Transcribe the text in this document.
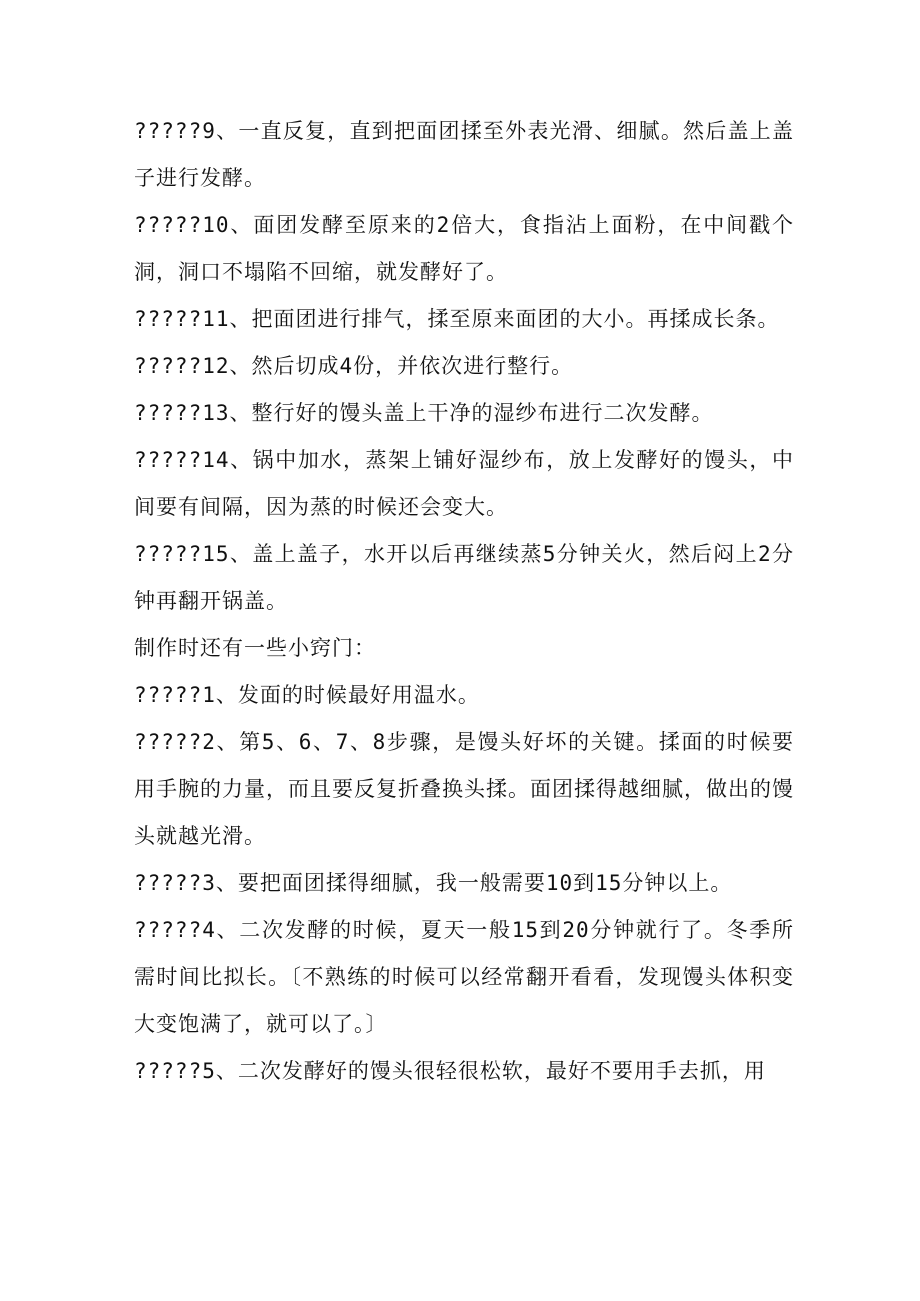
?????9、一直反复，直到把面团揉至外表光滑、细腻。然后盖上盖子进行发酵。

?????10、面团发酵至原来的2倍大，食指沾上面粉，在中间戳个洞，洞口不塌陷不回缩，就发酵好了。

?????11、把面团进行排气，揉至原来面团的大小。再揉成长条。

?????12、然后切成4份，并依次进行整行。

?????13、整行好的馒头盖上干净的湿纱布进行二次发酵。

?????14、锅中加水，蒸架上铺好湿纱布，放上发酵好的馒头，中间要有间隔，因为蒸的时候还会变大。

?????15、盖上盖子，水开以后再继续蒸5分钟关火，然后闷上2分钟再翻开锅盖。

制作时还有一些小窍门：

?????1、发面的时候最好用温水。

?????2、第5、6、7、8步骤，是馒头好坏的关键。揉面的时候要用手腕的力量，而且要反复折叠换头揉。面团揉得越细腻，做出的馒头就越光滑。

?????3、要把面团揉得细腻，我一般需要10到15分钟以上。

?????4、二次发酵的时候，夏天一般15到20分钟就行了。冬季所需时间比拟长。〔不熟练的时候可以经常翻开看看，发现馒头体积变大变饱满了，就可以了。〕

?????5、二次发酵好的馒头很轻很松软，最好不要用手去抓，用
